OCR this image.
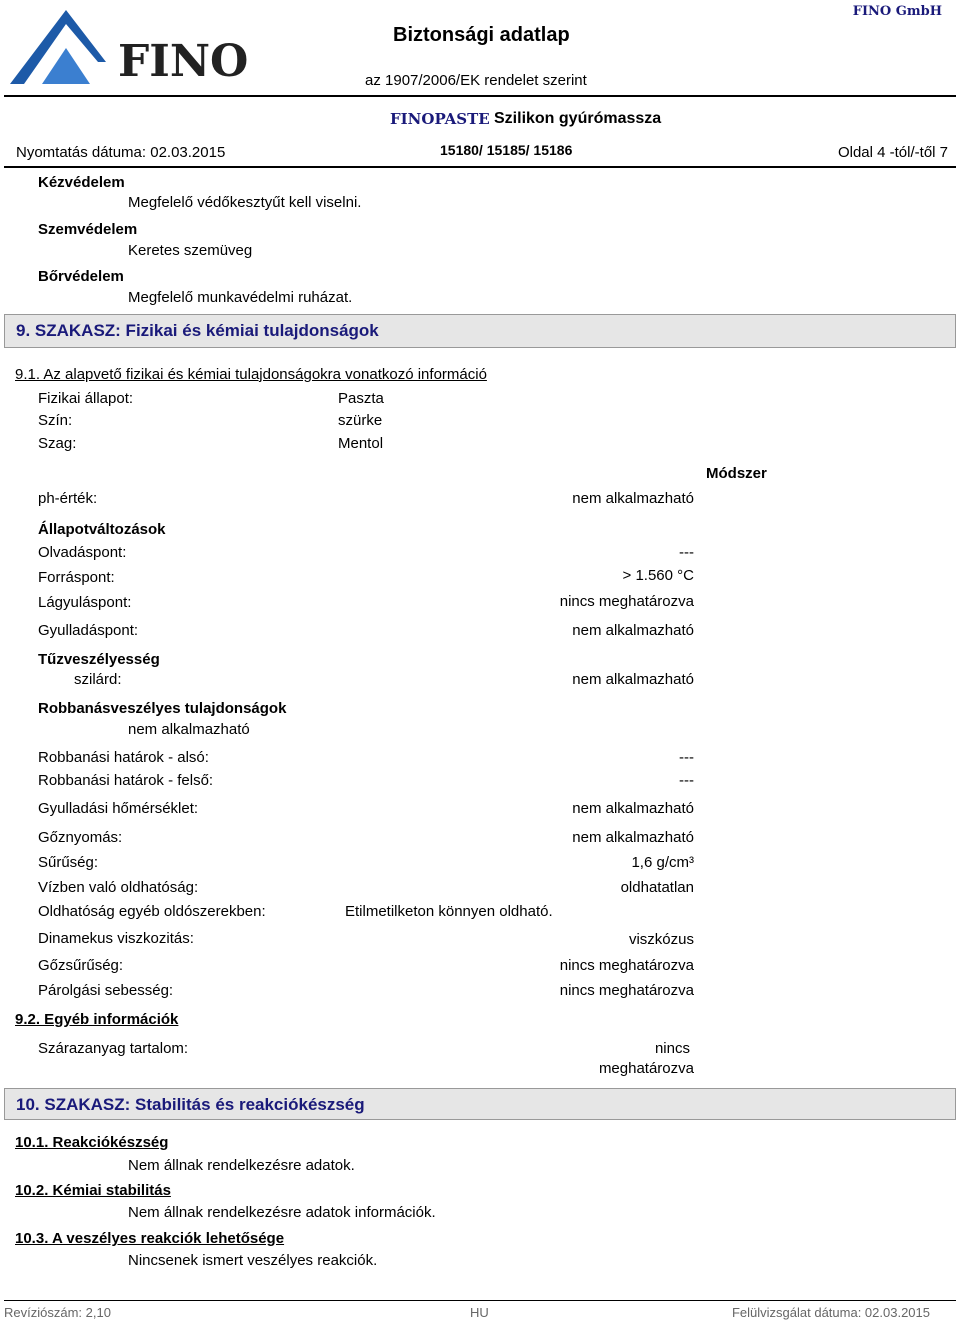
FINO
Biztonsági adatlap
az 1907/2006/EK rendelet szerint
FINO GmbH
FINOPASTE Szilikon gyúrómassza
Nyomtatás dátuma: 02.03.2015	15180/ 15185/ 15186	Oldal 4 -tól/-től 7
Kézvédelem
Megfelelő védőkesztyűt kell viselni.
Szemvédelem
Keretes szemüveg
Bőrvédelem
Megfelelő munkavédelmi ruházat.
9. SZAKASZ: Fizikai és kémiai tulajdonságok
9.1. Az alapvető fizikai és kémiai tulajdonságokra vonatkozó információ
Fizikai állapot:	Paszta
Szín:	szürke
Szag:	Mentol
Módszer
ph-érték:	nem alkalmazható
Állapotváltozások
Olvadáspont:	---
Forráspont:	> 1.560 °C
Lágyuláspont:	nincs meghatározva
Gyulladáspont:	nem alkalmazható
Tűzveszélyesség
szilárd:	nem alkalmazható
Robbanásveszélyes tulajdonságok
nem alkalmazható
Robbanási határok - alsó:	---
Robbanási határok - felső:	---
Gyulladási hőmérséklet:	nem alkalmazható
Gőznyomás:	nem alkalmazható
Sűrűség:	1,6 g/cm³
Vízben való oldhatóság:	oldhatatlan
Oldhatóság egyéb oldószerekben:	Etilmetilketon könnyen oldható.
Dinamekus viszkozitás:	viszkózus
Gőzsűrűség:	nincs meghatározva
Párolgási sebesség:	nincs meghatározva
9.2. Egyéb információk
Szárazanyag tartalom:	nincs
meghatározva
10. SZAKASZ: Stabilitás és reakciókészség
10.1. Reakciókészség
Nem állnak rendelkezésre adatok.
10.2. Kémiai stabilitás
Nem állnak rendelkezésre adatok információk.
10.3. A veszélyes reakciók lehetősége
Nincsenek ismert veszélyes reakciók.
Revíziószám: 2,10	HU	Felülvizsgálat dátuma: 02.03.2015
